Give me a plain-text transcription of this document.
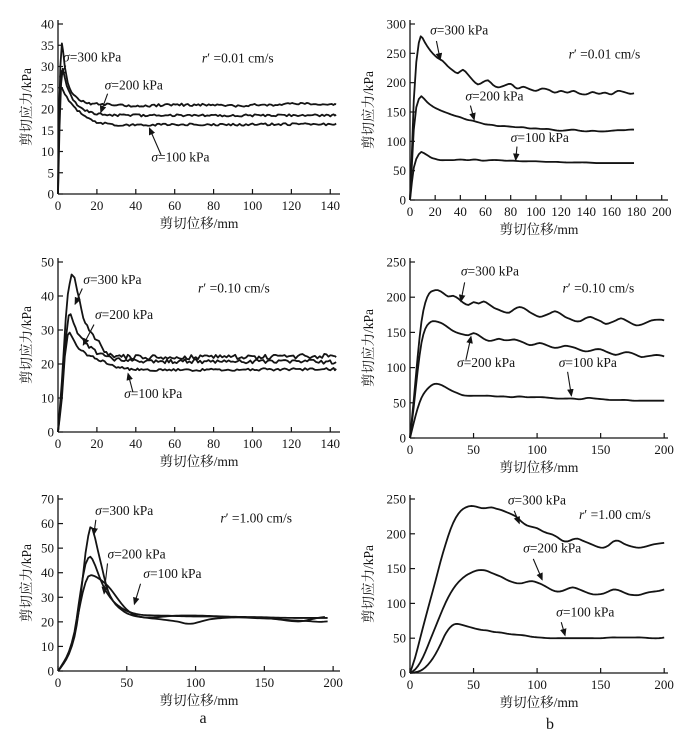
0 20 40 60 80 100 120 140
0
5
10
15
20
25
30
35
40
剪切位移/mm
剪切应力/kPa
σ=300 kPa
σ=200 kPa
σ=100 kPa
r′ =0.01 cm/s
0 20 40 60 80 100 120 140 160 180 200
0
50
100
150
200
250
300
剪切位移/mm
剪切应力/kPa
σ=300 kPa
σ=200 kPa
σ=100 kPa
r′ =0.01 cm/s
0 20 40 60 80 100 120 140
0
10
20
30
40
50
剪切位移/mm
剪切应力/kPa
σ=300 kPa
σ=200 kPa
σ=100 kPa
r′ =0.10 cm/s
0	50	100	150	200
0
50
100
150
200
250
剪切位移/mm
剪切应力/kPa
σ=300 kPa
σ=200 kPa	σ=100 kPa
r′ =0.10 cm/s
0	50	100	150	200
0
10
20
30
40
50
60
70
剪切位移/mm
剪切应力/kPa
σ=300 kPa
σ=200 kPa
σ=100 kPa
r′ =1.00 cm/s
0	50	100	150	200
0
50
100
150
200
250
剪切位移/mm
剪切应力/kPa
σ=300 kPa
σ=200 kPa
σ=100 kPa
r′ =1.00 cm/s
a	b
